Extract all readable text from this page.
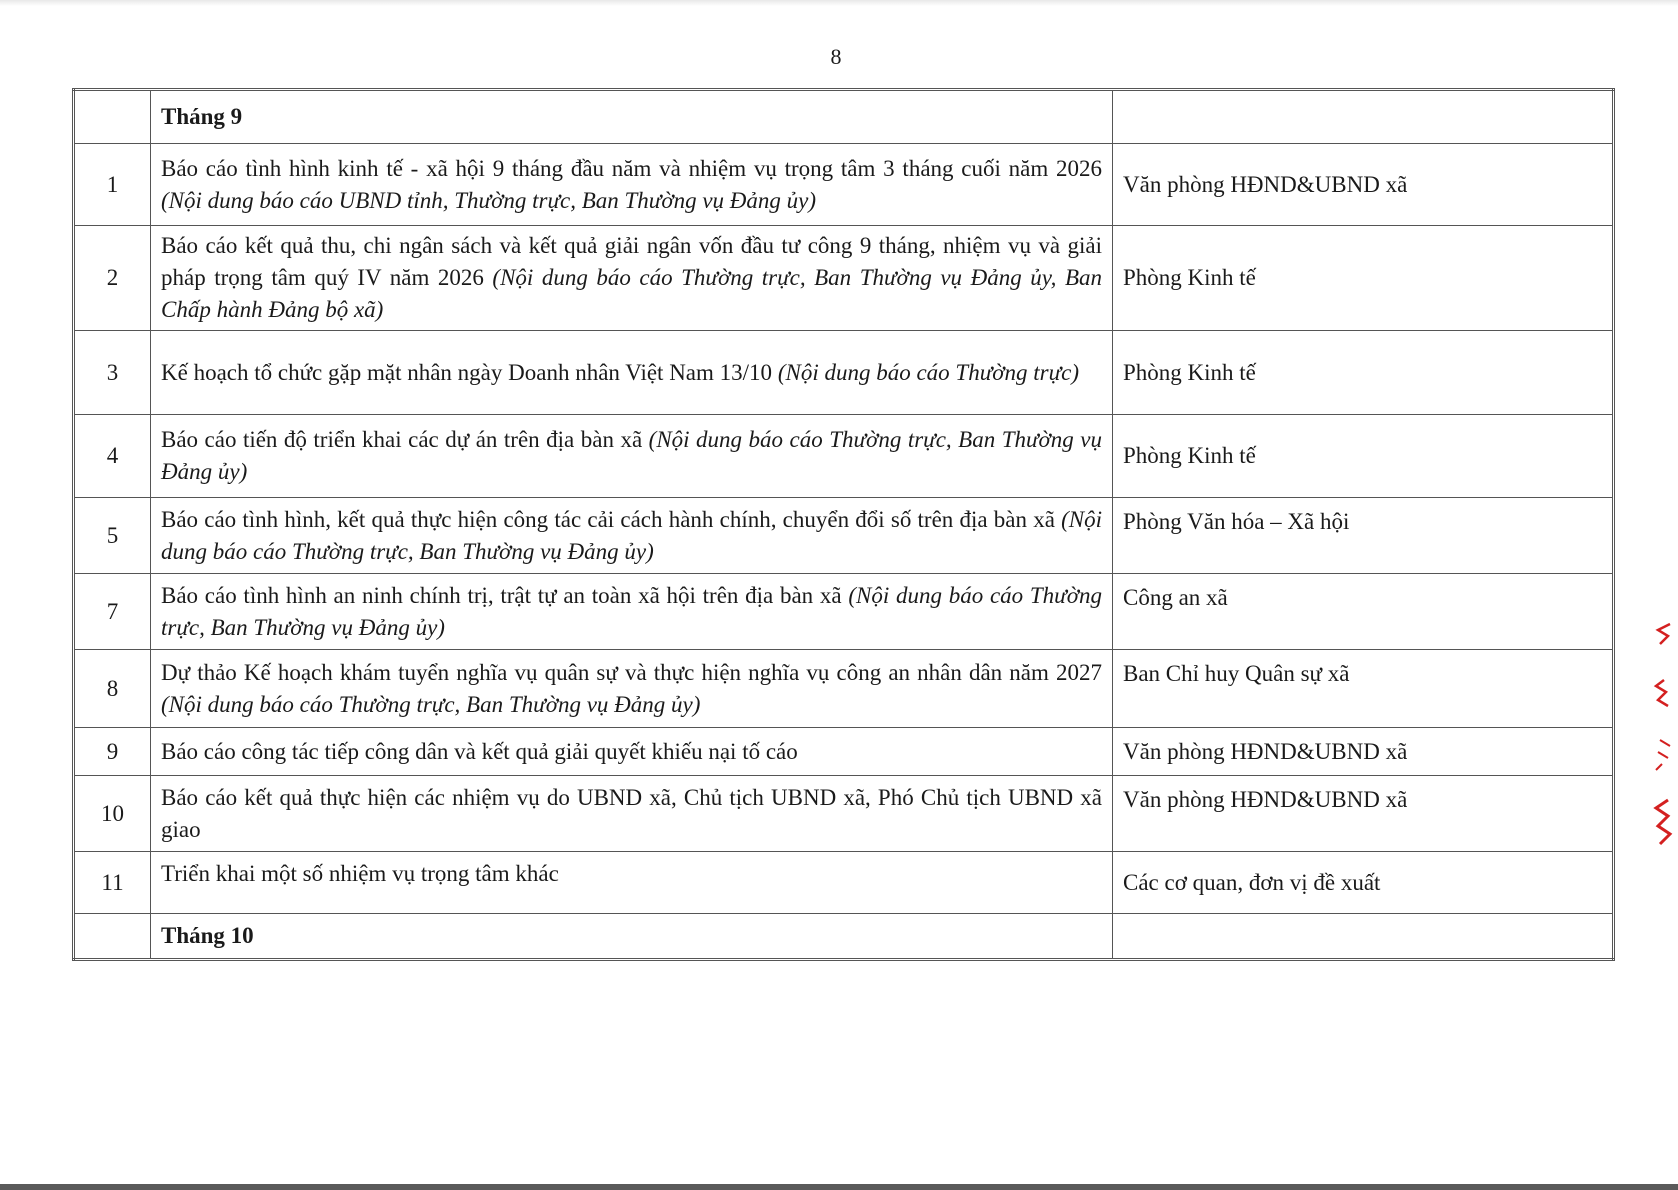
8
	Tháng 9	
1	Báo cáo tình hình kinh tế - xã hội 9 tháng đầu năm và nhiệm vụ trọng tâm 3 tháng cuối năm 2026 (Nội dung báo cáo UBND tỉnh, Thường trực, Ban Thường vụ Đảng ủy)	Văn phòng HĐND&UBND xã
2	Báo cáo kết quả thu, chi ngân sách và kết quả giải ngân vốn đầu tư công 9 tháng, nhiệm vụ và giải pháp trọng tâm quý IV năm 2026 (Nội dung báo cáo Thường trực, Ban Thường vụ Đảng ủy, Ban Chấp hành Đảng bộ xã)	Phòng Kinh tế
3	Kế hoạch tổ chức gặp mặt nhân ngày Doanh nhân Việt Nam 13/10 (Nội dung báo cáo Thường trực)	Phòng Kinh tế
4	Báo cáo tiến độ triển khai các dự án trên địa bàn xã (Nội dung báo cáo Thường trực, Ban Thường vụ Đảng ủy)	Phòng Kinh tế
5	Báo cáo tình hình, kết quả thực hiện công tác cải cách hành chính, chuyển đổi số trên địa bàn xã (Nội dung báo cáo Thường trực, Ban Thường vụ Đảng ủy)	Phòng Văn hóa – Xã hội
7	Báo cáo tình hình an ninh chính trị, trật tự an toàn xã hội trên địa bàn xã (Nội dung báo cáo Thường trực, Ban Thường vụ Đảng ủy)	Công an xã
8	Dự thảo Kế hoạch khám tuyển nghĩa vụ quân sự và thực hiện nghĩa vụ công an nhân dân năm 2027 (Nội dung báo cáo Thường trực, Ban Thường vụ Đảng ủy)	Ban Chỉ huy Quân sự xã
9	Báo cáo công tác tiếp công dân và kết quả giải quyết khiếu nại tố cáo	Văn phòng HĐND&UBND xã
10	Báo cáo kết quả thực hiện các nhiệm vụ do UBND xã, Chủ tịch UBND xã, Phó Chủ tịch UBND xã giao	Văn phòng HĐND&UBND xã
11	Triển khai một số nhiệm vụ trọng tâm khác	Các cơ quan, đơn vị đề xuất
	Tháng 10	
